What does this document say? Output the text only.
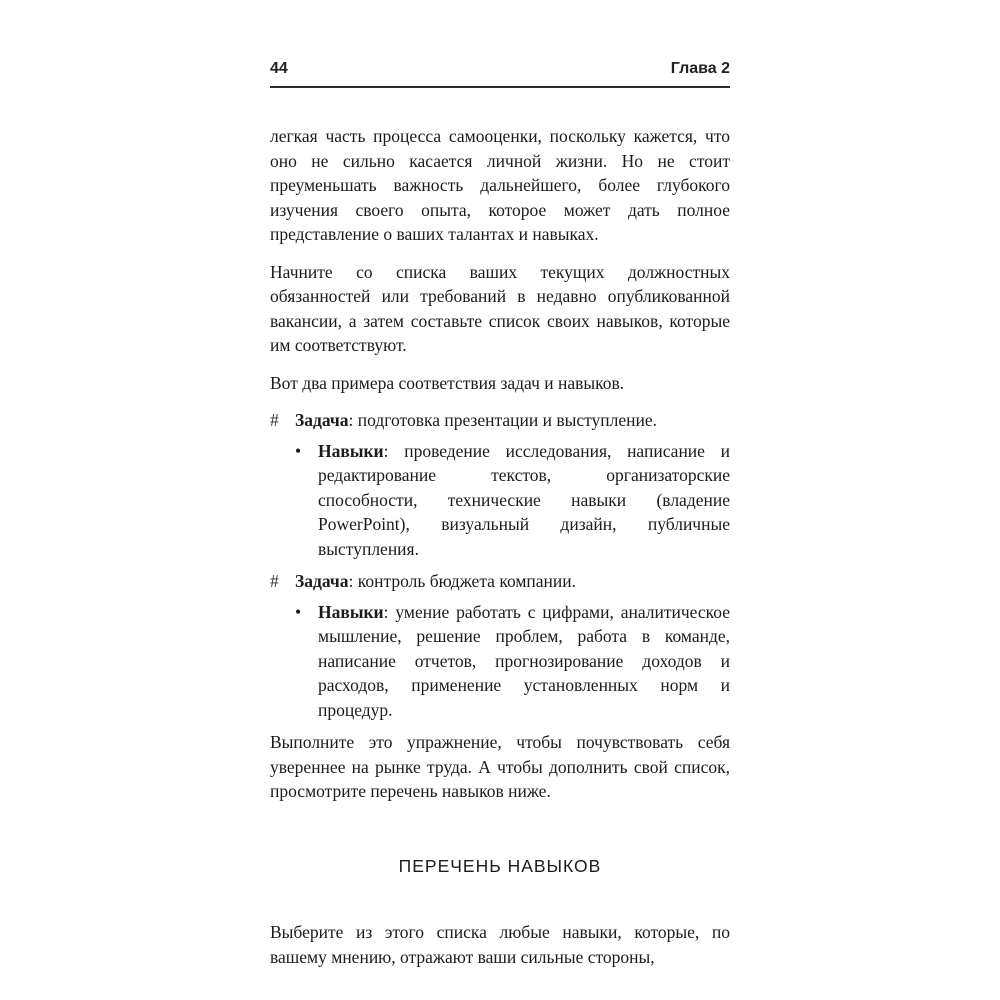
44	Глава 2

легкая часть процесса самооценки, поскольку кажется, что оно не сильно касается личной жизни. Но не стоит преуменьшать важность дальнейшего, более глубокого изучения своего опыта, которое может дать полное представление о ваших талантах и навыках.

Начните со списка ваших текущих должностных обязанностей или требований в недавно опубликованной вакансии, а затем составьте список своих навыков, которые им соответствуют.

Вот два примера соответствия задач и навыков.

# Задача: подготовка презентации и выступление.

• Навыки: проведение исследования, написание и редактирование текстов, организаторские способности, технические навыки (владение PowerPoint), визуальный дизайн, публичные выступления.

# Задача: контроль бюджета компании.

• Навыки: умение работать с цифрами, аналитическое мышление, решение проблем, работа в команде, написание отчетов, прогнозирование доходов и расходов, применение установленных норм и процедур.

Выполните это упражнение, чтобы почувствовать себя увереннее на рынке труда. А чтобы дополнить свой список, просмотрите перечень навыков ниже.

ПЕРЕЧЕНЬ НАВЫКОВ

Выберите из этого списка любые навыки, которые, по вашему мнению, отражают ваши сильные стороны,
